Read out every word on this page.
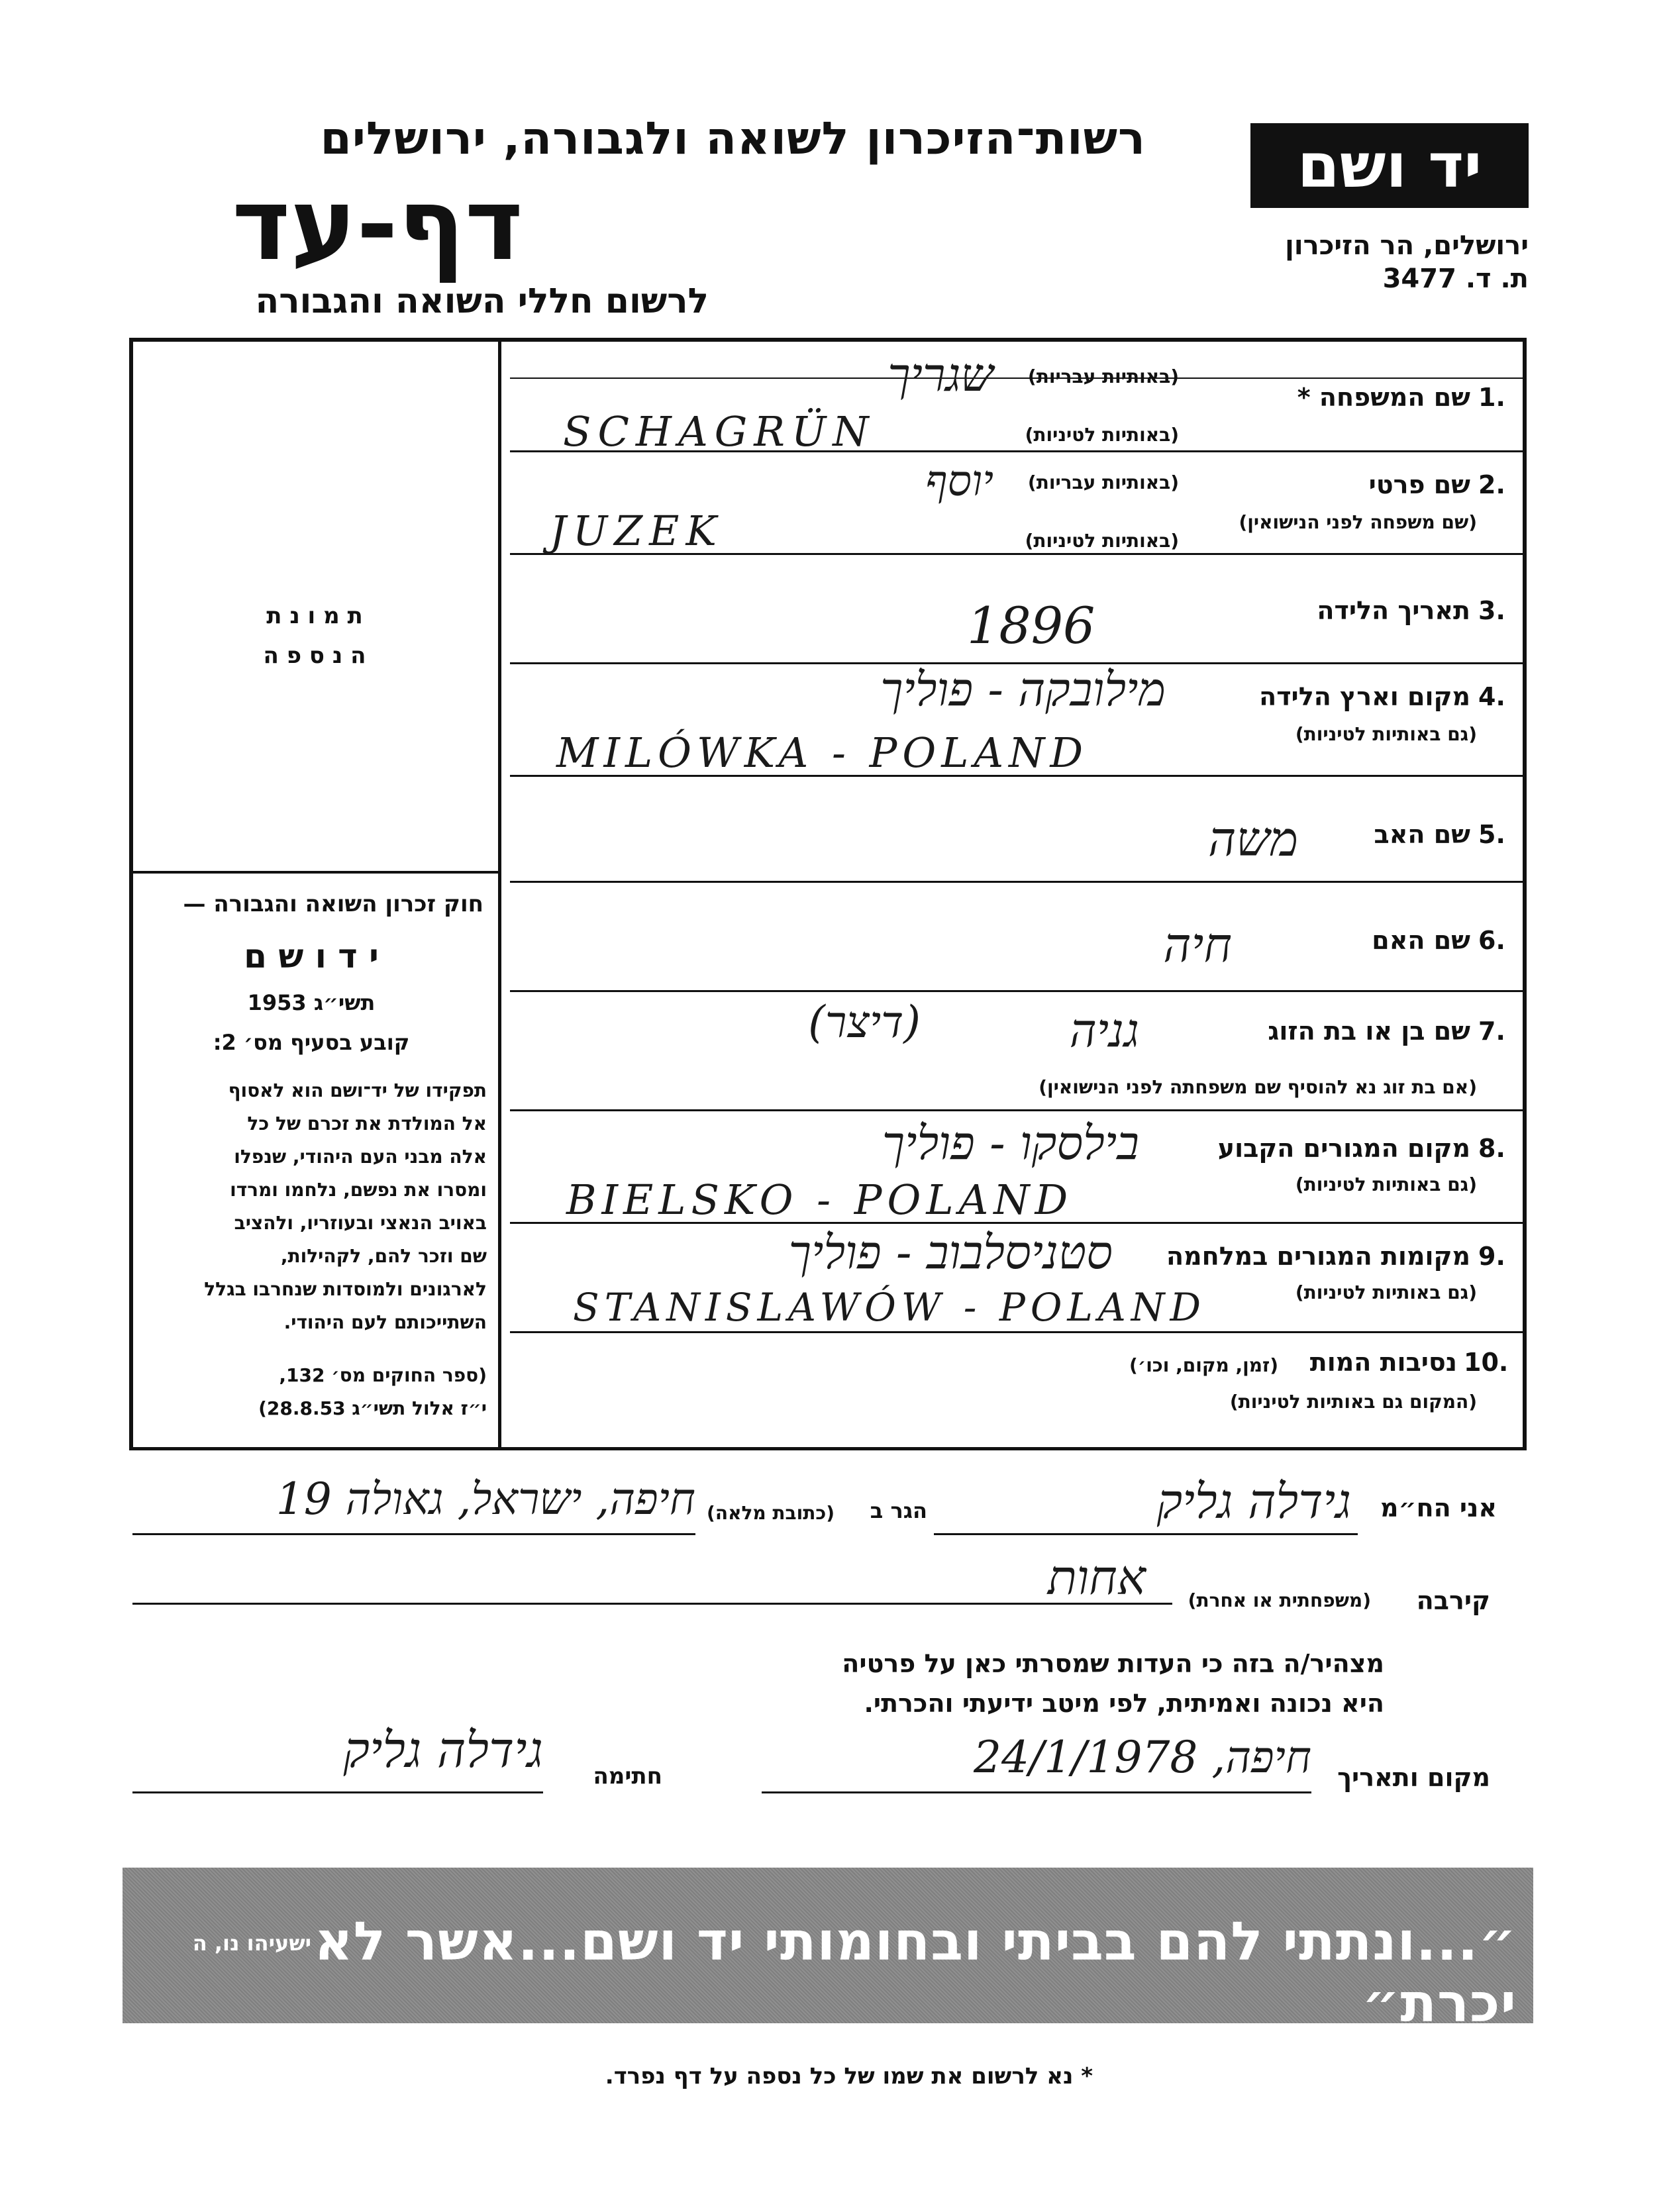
יד ושם
ירושלים, הר הזיכרון
ת. ד. 3477
רשות־הזיכרון לשואה ולגבורה, ירושלים
דף-עד
לרשום חללי השואה והגבורה
1.
שם המשפחה *
(באותיות עבריות)
שגריך
(באותיות לטיניות)
SCHAGRÜN
2.
שם פרטי
(שם משפחה לפני הנישואין)
(באותיות עבריות)
יוסף
(באותיות לטיניות)
JUZEK
3.
תאריך הלידה
1896
4.
מקום וארץ הלידה
(גם באותיות לטיניות)
מילובקה - פוליך
MILÓWKA - POLAND
5.
שם האב
משה
6.
שם האם
חיה
7.
שם בן או בת הזוג
(אם בת זוג נא להוסיף שם משפחתה לפני הנישואין)
גניה
(דיצר)
8.
מקום המגורים הקבוע
(גם באותיות לטיניות)
בילסקו - פוליך
BIELSKO - POLAND
9.
מקומות המגורים במלחמה
(גם באותיות לטיניות)
סטניסלבוב - פוליך
STANISLAWÓW - POLAND
10.
נסיבות המות
(זמן, מקום, וכו׳)
(המקום גם באותיות לטיניות)
ת מ ו נ ת
ה נ ס פ ה
חוק זכרון השואה והגבורה —
י ד ו ש ם
תשי״ג 1953
קובע בסעיף מס׳ 2:
תפקידו של יד־ושם הוא לאסוף
אל המולדת את זכרם של כל
אלה מבני העם היהודי, שנפלו
ומסרו את נפשם, נלחמו ומרדו
באויב הנאצי ובעוזריו, ולהציב
שם וזכר להם, לקהילות,
לארגונים ולמוסדות שנחרבו בגלל
השתייכותם לעם היהודי.
(ספר החוקים מס׳ 132,
י״ז אלול תשי״ג 28.8.53)
אני הח״מ
גידלה גליק
הגר ב
(כתובת מלאה)
חיפה, ישראל, גאולה 19
קירבה
(משפחתית או אחרת)
אחות
מצהיר/ה בזה כי העדות שמסרתי כאן על פרטיה
היא נכונה ואמיתית, לפי מיטב ידיעתי והכרתי.
מקום ותאריך
חיפה, 24/1/1978
חתימה
גידלה גליק
״...ונתתי להם בביתי ובחומותי יד ושם...אשר לא יכרת״
ישעיהו נו, ה
* נא לרשום את שמו של כל נספה על דף נפרד.
